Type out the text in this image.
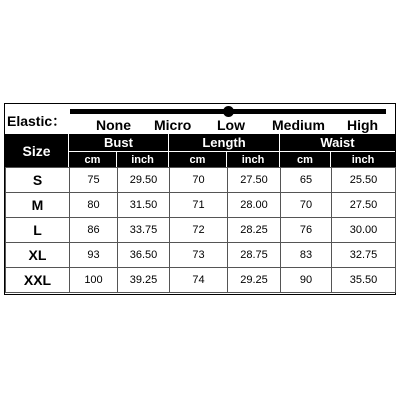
Elastic： None Micro Low Medium High
Size	Bust	Length	Waist
cm	inch	cm	inch	cm	inch
S	75	29.50	70	27.50	65	25.50
M	80	31.50	71	28.00	70	27.50
L	86	33.75	72	28.25	76	30.00
XL	93	36.50	73	28.75	83	32.75
XXL	100	39.25	74	29.25	90	35.50
